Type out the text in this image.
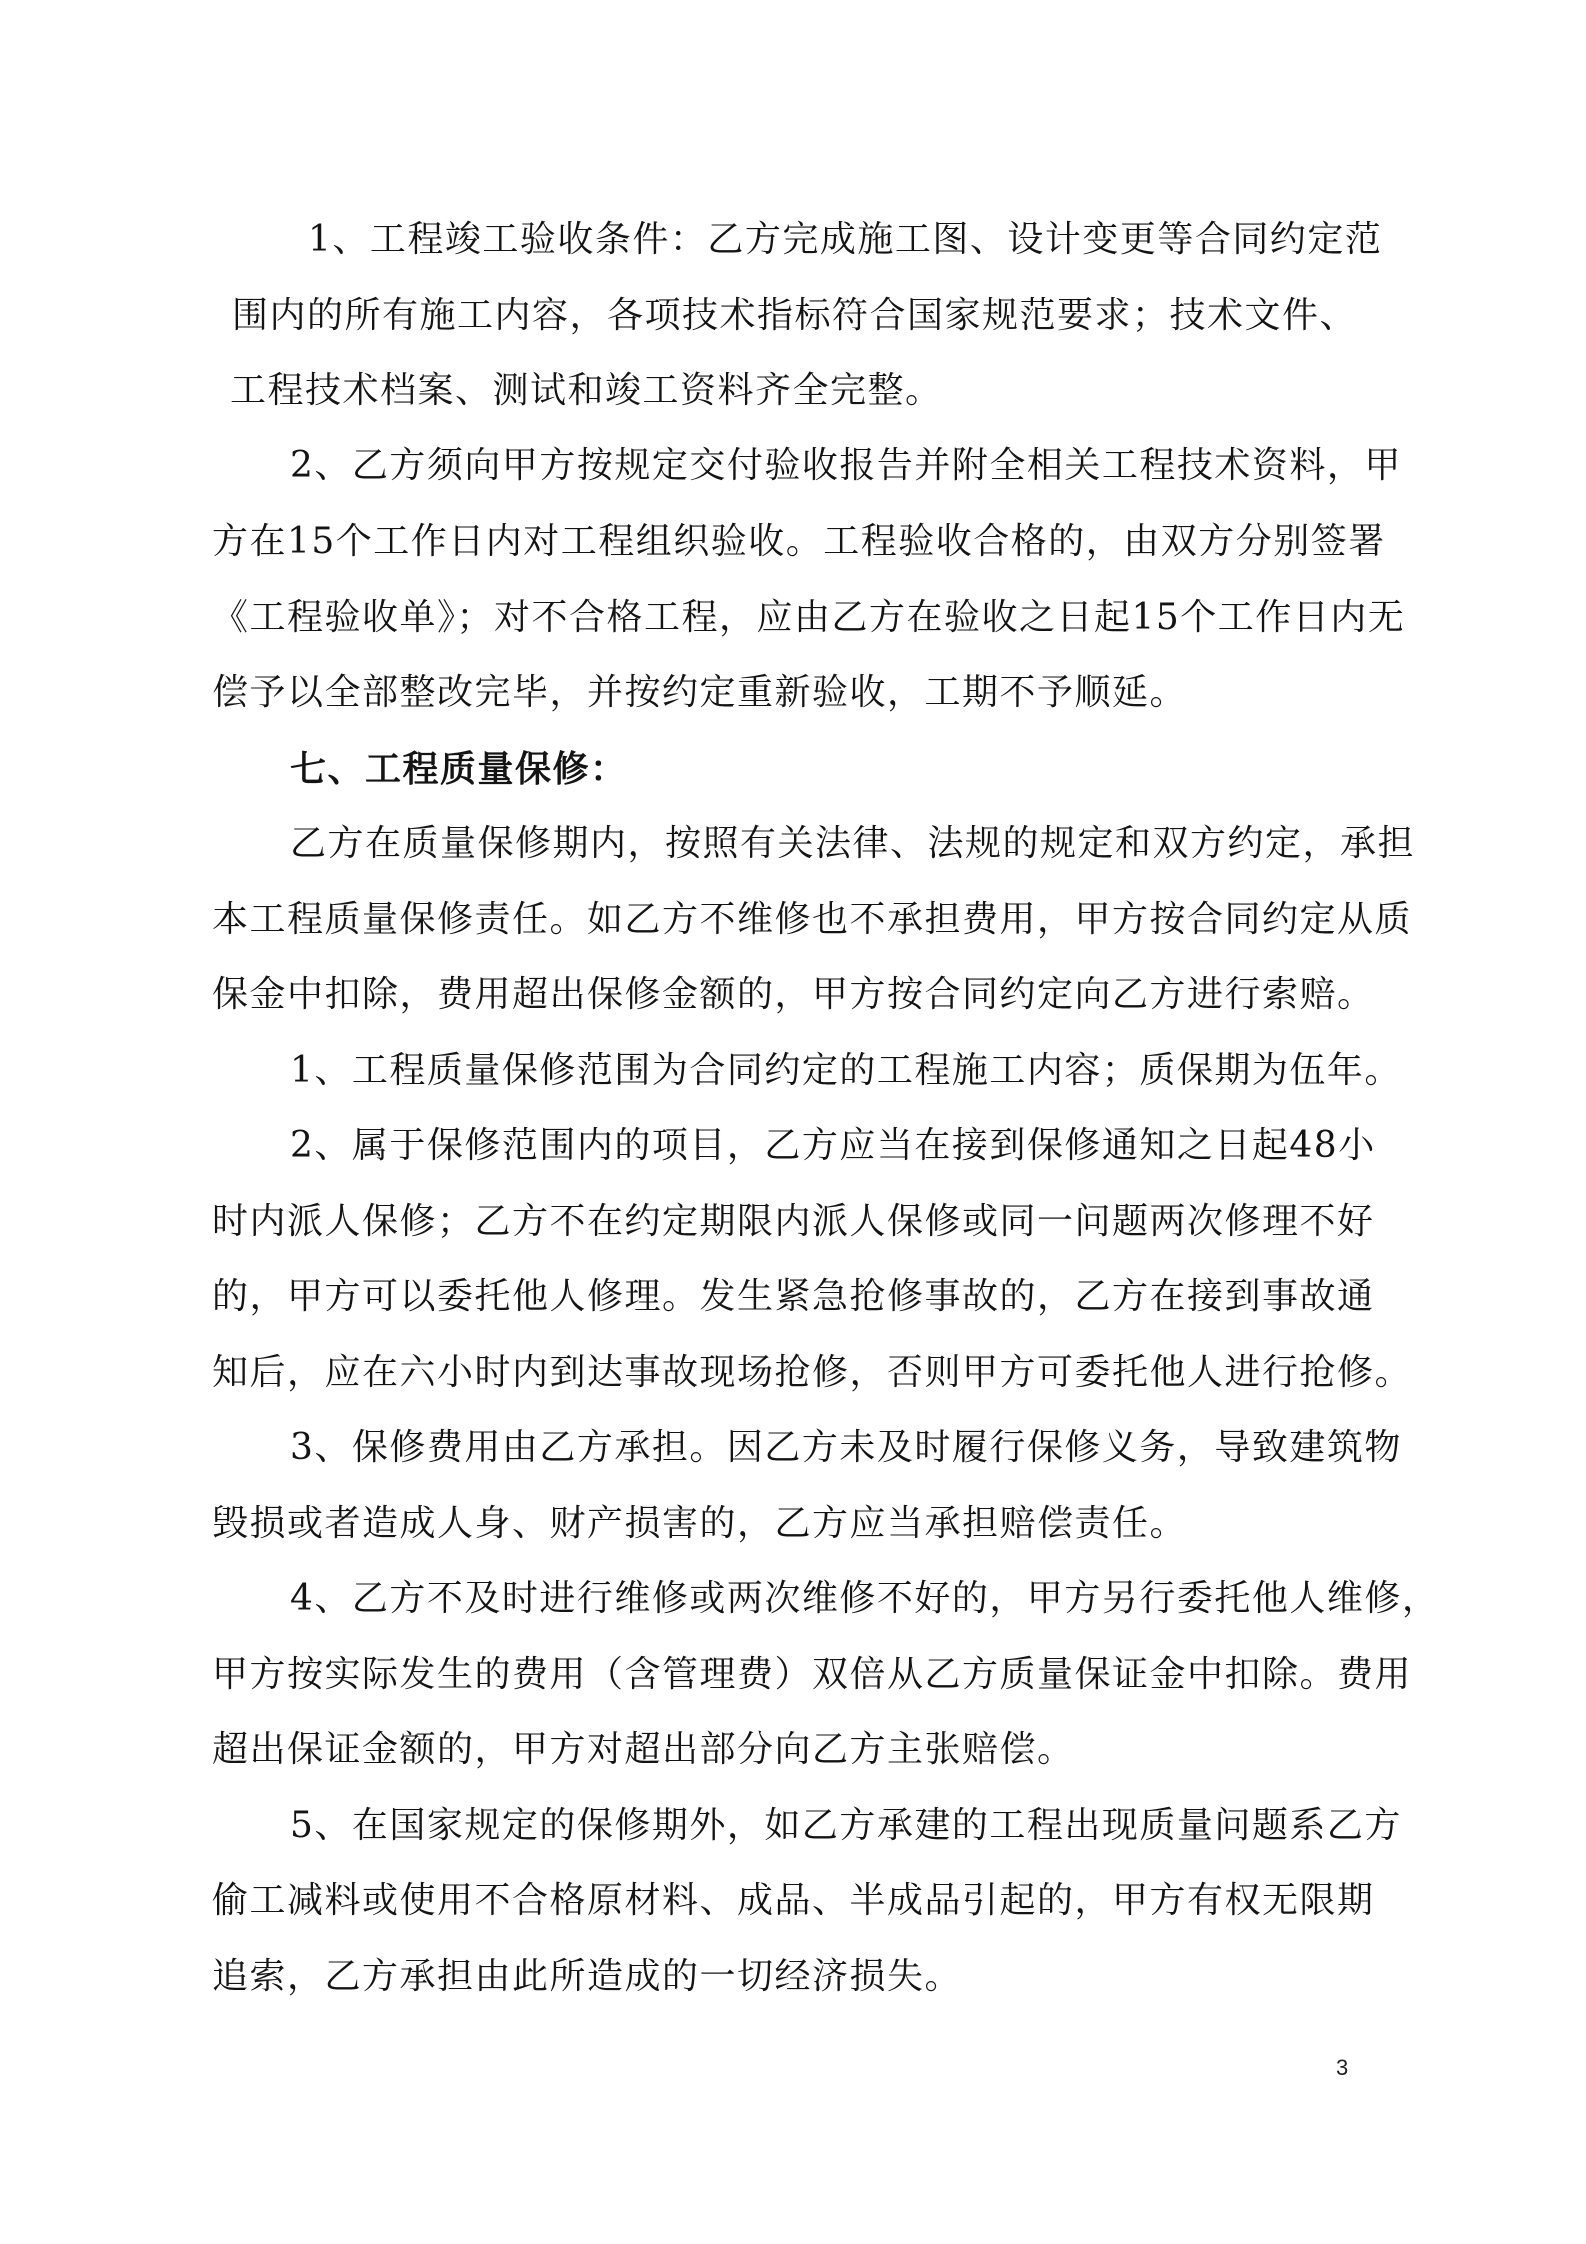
1、工程竣工验收条件：乙方完成施工图、设计变更等合同约定范
围内的所有施工内容，各项技术指标符合国家规范要求；技术文件、
工程技术档案、测试和竣工资料齐全完整。
2、乙方须向甲方按规定交付验收报告并附全相关工程技术资料，甲
方在15个工作日内对工程组织验收。工程验收合格的，由双方分别签署
《工程验收单》；对不合格工程，应由乙方在验收之日起15个工作日内无
偿予以全部整改完毕，并按约定重新验收，工期不予顺延。
七、工程质量保修：
乙方在质量保修期内，按照有关法律、法规的规定和双方约定，承担
本工程质量保修责任。如乙方不维修也不承担费用，甲方按合同约定从质
保金中扣除，费用超出保修金额的，甲方按合同约定向乙方进行索赔。
1、工程质量保修范围为合同约定的工程施工内容；质保期为伍年。
2、属于保修范围内的项目，乙方应当在接到保修通知之日起48小
时内派人保修；乙方不在约定期限内派人保修或同一问题两次修理不好
的，甲方可以委托他人修理。发生紧急抢修事故的，乙方在接到事故通
知后，应在六小时内到达事故现场抢修，否则甲方可委托他人进行抢修。
3、保修费用由乙方承担。因乙方未及时履行保修义务，导致建筑物
毁损或者造成人身、财产损害的，乙方应当承担赔偿责任。
4、乙方不及时进行维修或两次维修不好的，甲方另行委托他人维修，
甲方按实际发生的费用（含管理费）双倍从乙方质量保证金中扣除。费用
超出保证金额的，甲方对超出部分向乙方主张赔偿。
5、在国家规定的保修期外，如乙方承建的工程出现质量问题系乙方
偷工减料或使用不合格原材料、成品、半成品引起的，甲方有权无限期
追索，乙方承担由此所造成的一切经济损失。
3
